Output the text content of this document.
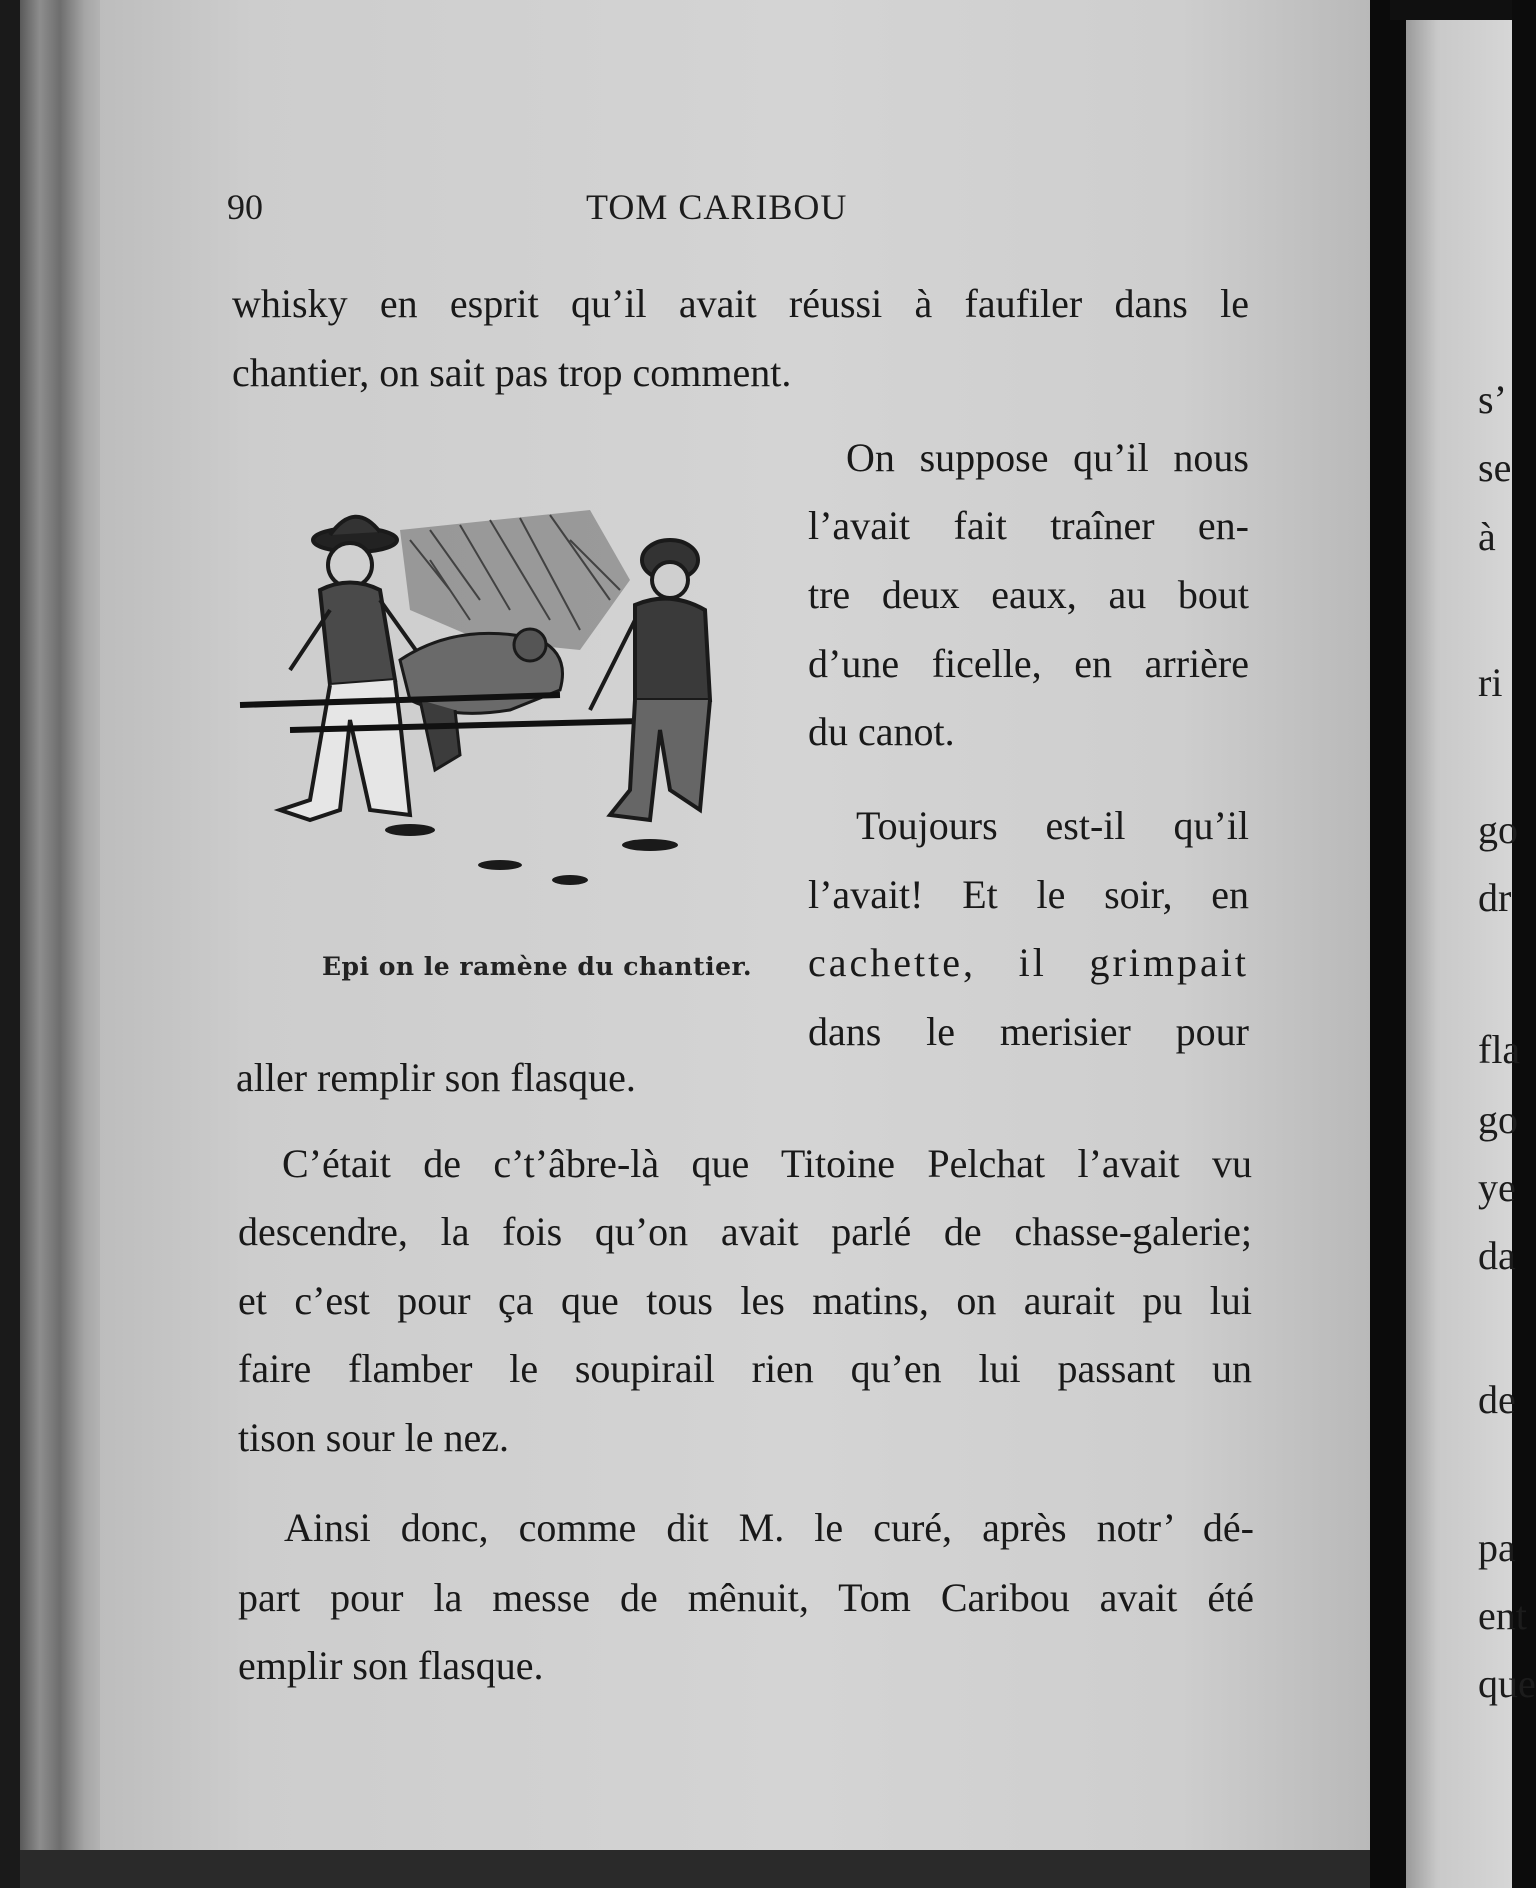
90	TOM CARIBOU
whisky en esprit qu’il avait réussi à faufiler dans le
chantier, on sait pas trop comment.
On suppose qu’il nous
l’avait fait traîner en-
tre deux eaux, au bout
d’une ficelle, en arrière
du canot.
Toujours est-il qu’il
l’avait! Et le soir, en
cachette, il grimpait
dans le merisier pour
aller remplir son flasque.
C’était de c’t’âbre-là que Titoine Pelchat l’avait vu
descendre, la fois qu’on avait parlé de chasse-galerie;
et c’est pour ça que tous les matins, on aurait pu lui
faire flamber le soupirail rien qu’en lui passant un
tison sour le nez.
Ainsi donc, comme dit M. le curé, après notr’ dé-
part pour la messe de mênuit, Tom Caribou avait été
emplir son flasque.
Epi on le ramène du chantier.
s’
se
à
ri
go
dr
fla
go
ye
da
de
pa
ent
que
